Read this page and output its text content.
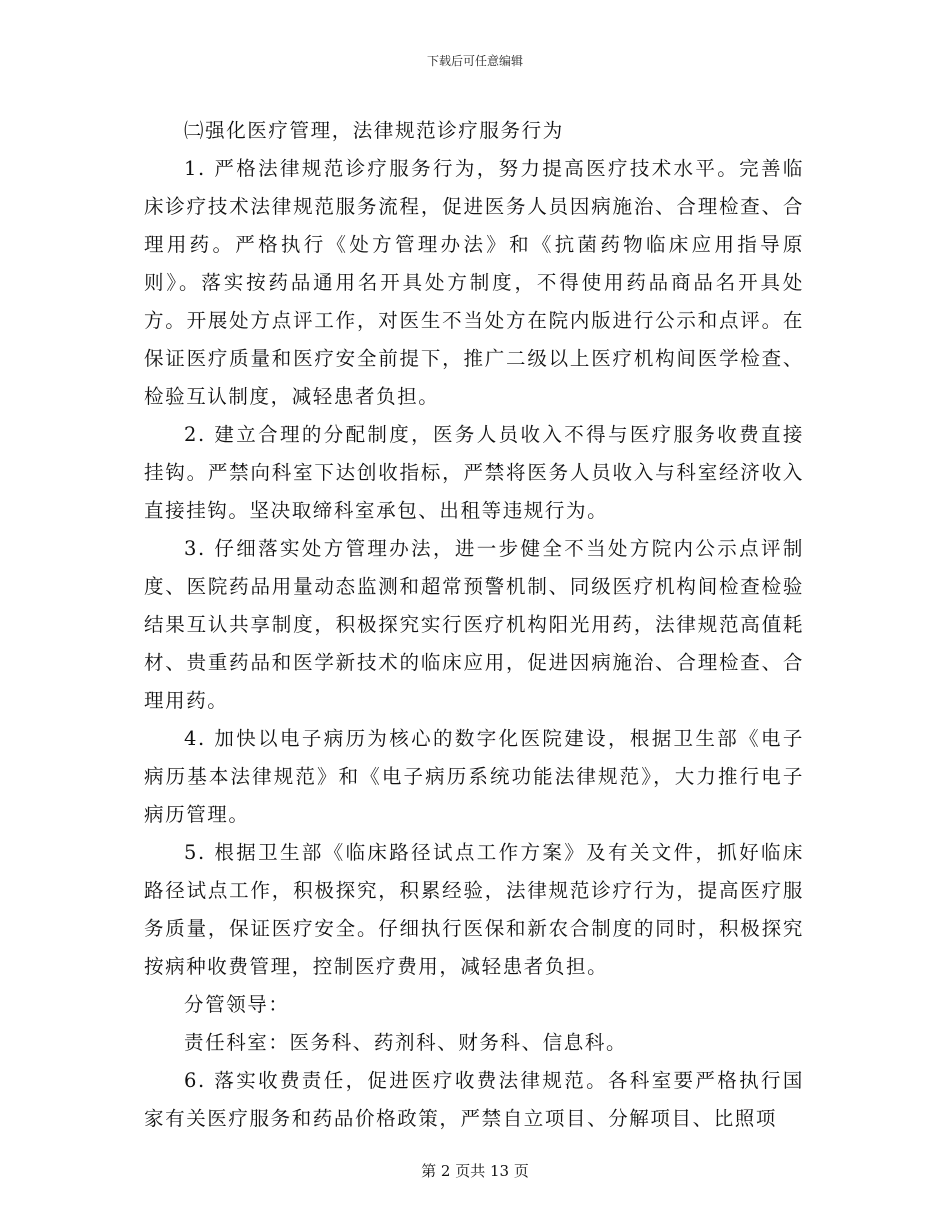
下载后可任意编辑

㈡强化医疗管理，法律规范诊疗服务行为

1. 严格法律规范诊疗服务行为，努力提高医疗技术水平。完善临床诊疗技术法律规范服务流程，促进医务人员因病施治、合理检查、合理用药。严格执行《处方管理办法》和《抗菌药物临床应用指导原则》。落实按药品通用名开具处方制度，不得使用药品商品名开具处方。开展处方点评工作，对医生不当处方在院内版进行公示和点评。在保证医疗质量和医疗安全前提下，推广二级以上医疗机构间医学检查、检验互认制度，减轻患者负担。

2. 建立合理的分配制度，医务人员收入不得与医疗服务收费直接挂钩。严禁向科室下达创收指标，严禁将医务人员收入与科室经济收入直接挂钩。坚决取缔科室承包、出租等违规行为。

3. 仔细落实处方管理办法，进一步健全不当处方院内公示点评制度、医院药品用量动态监测和超常预警机制、同级医疗机构间检查检验结果互认共享制度，积极探究实行医疗机构阳光用药，法律规范高值耗材、贵重药品和医学新技术的临床应用，促进因病施治、合理检查、合理用药。

4. 加快以电子病历为核心的数字化医院建设，根据卫生部《电子病历基本法律规范》和《电子病历系统功能法律规范》，大力推行电子病历管理。

5. 根据卫生部《临床路径试点工作方案》及有关文件，抓好临床路径试点工作，积极探究，积累经验，法律规范诊疗行为，提高医疗服务质量，保证医疗安全。仔细执行医保和新农合制度的同时，积极探究按病种收费管理，控制医疗费用，减轻患者负担。

分管领导：

责任科室：医务科、药剂科、财务科、信息科。

6. 落实收费责任，促进医疗收费法律规范。各科室要严格执行国家有关医疗服务和药品价格政策，严禁自立项目、分解项目、比照项

第 2 页共 13 页
